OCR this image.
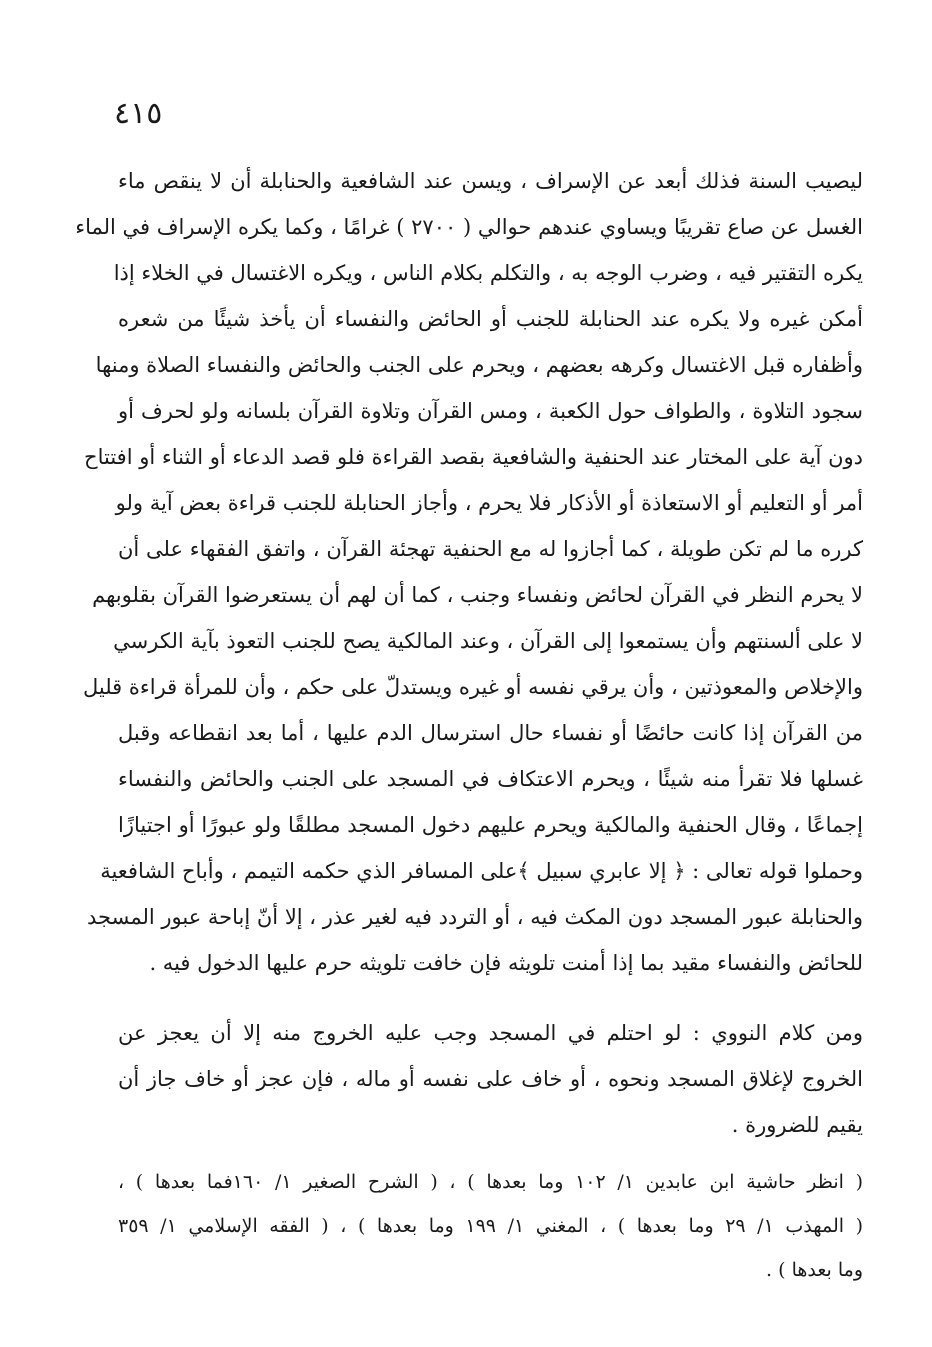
٤١٥
ليصيب السنة فذلك أبعد عن الإسراف ، ويسن عند الشافعية والحنابلة أن لا ينقص ماء
الغسل عن صاع تقريبًا ويساوي عندهم حوالي ( ٢٧٠٠ ) غرامًا ، وكما يكره الإسراف في الماء
يكره التقتير فيه ، وضرب الوجه به ، والتكلم بكلام الناس ، ويكره الاغتسال في الخلاء إذا
أمكن غيره ولا يكره عند الحنابلة للجنب أو الحائض والنفساء أن يأخذ شيئًا من شعره
وأظفاره قبل الاغتسال وكرهه بعضهم ، ويحرم على الجنب والحائض والنفساء الصلاة ومنها
سجود التلاوة ، والطواف حول الكعبة ، ومس القرآن وتلاوة القرآن بلسانه ولو لحرف أو
دون آية على المختار عند الحنفية والشافعية بقصد القراءة فلو قصد الدعاء أو الثناء أو افتتاح
أمر أو التعليم أو الاستعاذة أو الأذكار فلا يحرم ، وأجاز الحنابلة للجنب قراءة بعض آية ولو
كرره ما لم تكن طويلة ، كما أجازوا له مع الحنفية تهجئة القرآن ، واتفق الفقهاء على أن
لا يحرم النظر في القرآن لحائض ونفساء وجنب ، كما أن لهم أن يستعرضوا القرآن بقلوبهم
لا على ألسنتهم وأن يستمعوا إلى القرآن ، وعند المالكية يصح للجنب التعوذ بآية الكرسي
والإخلاص والمعوذتين ، وأن يرقي نفسه أو غيره ويستدلّ على حكم ، وأن للمرأة قراءة قليل
من القرآن إذا كانت حائضًا أو نفساء حال استرسال الدم عليها ، أما بعد انقطاعه وقبل
غسلها فلا تقرأ منه شيئًا ، ويحرم الاعتكاف في المسجد على الجنب والحائض والنفساء
إجماعًا ، وقال الحنفية والمالكية ويحرم عليهم دخول المسجد مطلقًا ولو عبورًا أو اجتيازًا
وحملوا قوله تعالى : ﴿ إلا عابري سبيل ﴾على المسافر الذي حكمه التيمم ، وأباح الشافعية
والحنابلة عبور المسجد دون المكث فيه ، أو التردد فيه لغير عذر ، إلا أنّ إباحة عبور المسجد
للحائض والنفساء مقيد بما إذا أمنت تلويثه فإن خافت تلويثه حرم عليها الدخول فيه .
ومن كلام النووي : لو احتلم في المسجد وجب عليه الخروج منه إلا أن يعجز عن
الخروج لإغلاق المسجد ونحوه ، أو خاف على نفسه أو ماله ، فإن عجز أو خاف جاز أن
يقيم للضرورة .
( انظر حاشية ابن عابدين ١/ ١٠٢ وما بعدها ) ، ( الشرح الصغير ١/ ١٦٠فما بعدها ) ،
( المهذب ١/ ٢٩ وما بعدها ) ، المغني ١/ ١٩٩ وما بعدها ) ، ( الفقه الإسلامي ١/ ٣٥٩
وما بعدها ) .
